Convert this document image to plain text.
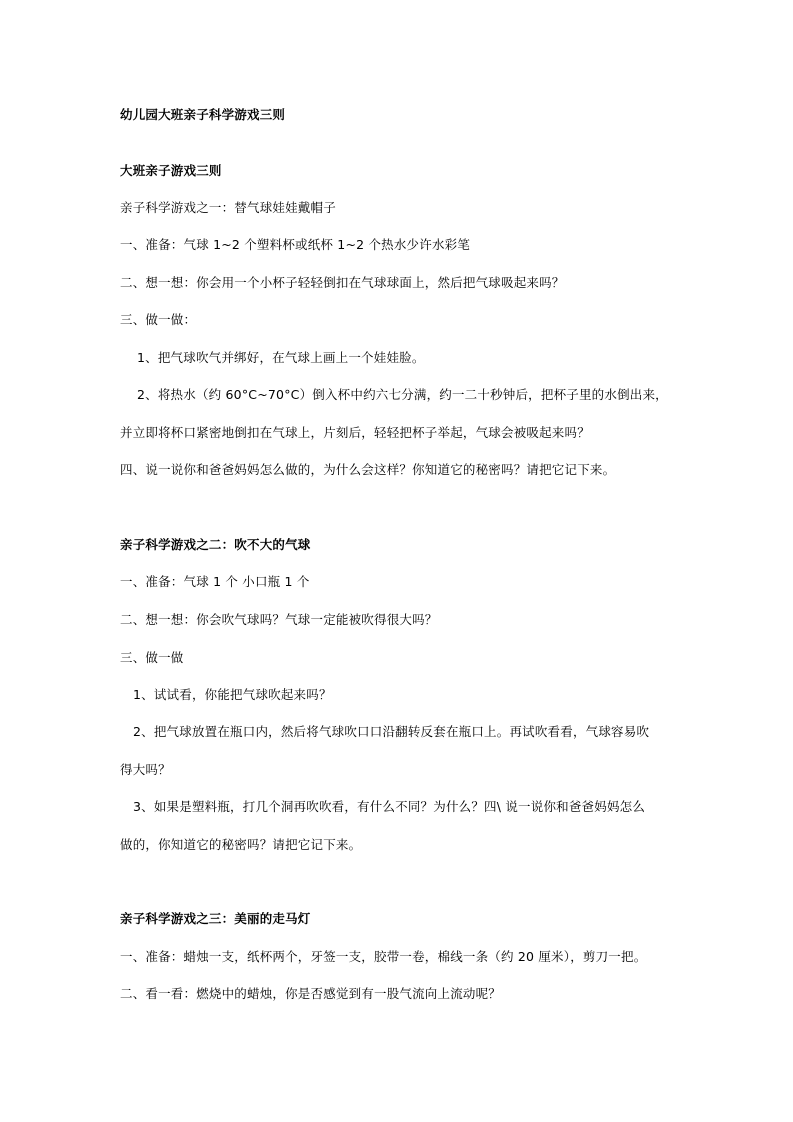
幼儿园大班亲子科学游戏三则
大班亲子游戏三则
亲子科学游戏之一：替气球娃娃戴帽子
一、准备：气球 1~2 个塑料杯或纸杯 1~2 个热水少许水彩笔
二、想一想：你会用一个小杯子轻轻倒扣在气球球面上，然后把气球吸起来吗？
三、做一做：
1、把气球吹气并绑好，在气球上画上一个娃娃脸。
2、将热水（约 60°C~70°C）倒入杯中约六七分满，约一二十秒钟后，把杯子里的水倒出来，
并立即将杯口紧密地倒扣在气球上，片刻后，轻轻把杯子举起，气球会被吸起来吗？
四、说一说你和爸爸妈妈怎么做的，为什么会这样？你知道它的秘密吗？请把它记下来。
亲子科学游戏之二：吹不大的气球
一、准备：气球 1 个 小口瓶 1 个
二、想一想：你会吹气球吗？气球一定能被吹得很大吗？
三、做一做
1、试试看，你能把气球吹起来吗？
2、把气球放置在瓶口内，然后将气球吹口口沿翻转反套在瓶口上。再试吹看看，气球容易吹
得大吗？
3、如果是塑料瓶，打几个洞再吹吹看，有什么不同？为什么？四\ 说一说你和爸爸妈妈怎么
做的，你知道它的秘密吗？请把它记下来。
亲子科学游戏之三：美丽的走马灯
一、准备：蜡烛一支，纸杯两个，牙签一支，胶带一卷，棉线一条（约 20 厘米），剪刀一把。
二、看一看：燃烧中的蜡烛，你是否感觉到有一股气流向上流动呢？
